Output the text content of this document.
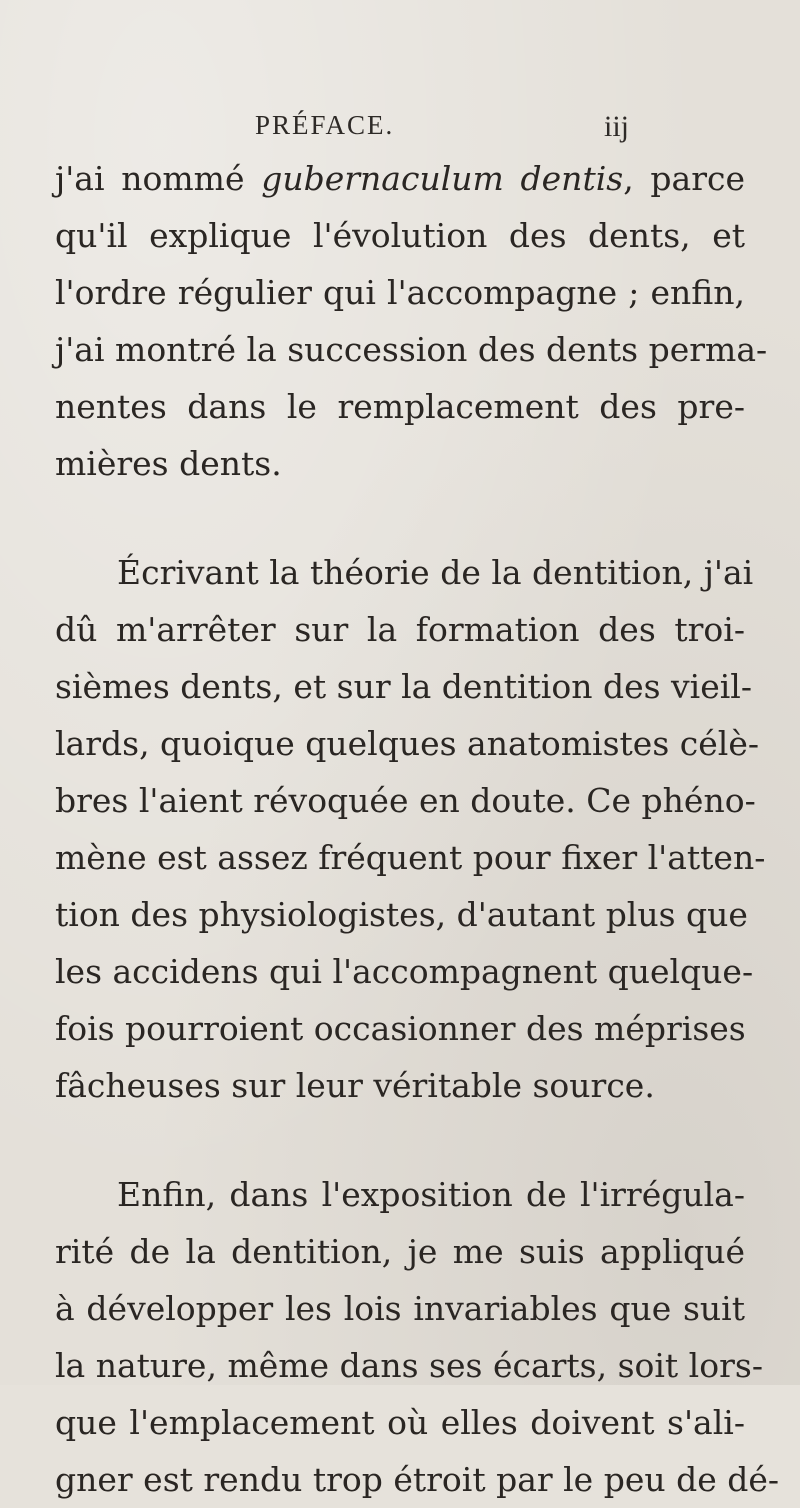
PRÉFACE.	iij
j'ai nommé gubernaculum dentis, parce
qu'il explique l'évolution des dents, et
l'ordre régulier qui l'accompagne ; enfin,
j'ai montré la succession des dents perma-
nentes dans le remplacement des pre-
mières dents.
Écrivant la théorie de la dentition, j'ai
dû m'arrêter sur la formation des troi-
sièmes dents, et sur la dentition des vieil-
lards, quoique quelques anatomistes célè-
bres l'aient révoquée en doute. Ce phéno-
mène est assez fréquent pour fixer l'atten-
tion des physiologistes, d'autant plus que
les accidens qui l'accompagnent quelque-
fois pourroient occasionner des méprises
fâcheuses sur leur véritable source.
Enfin, dans l'exposition de l'irrégula-
rité de la dentition, je me suis appliqué
à développer les lois invariables que suit
la nature, même dans ses écarts, soit lors-
que l'emplacement où elles doivent s'ali-
gner est rendu trop étroit par le peu de dé-
